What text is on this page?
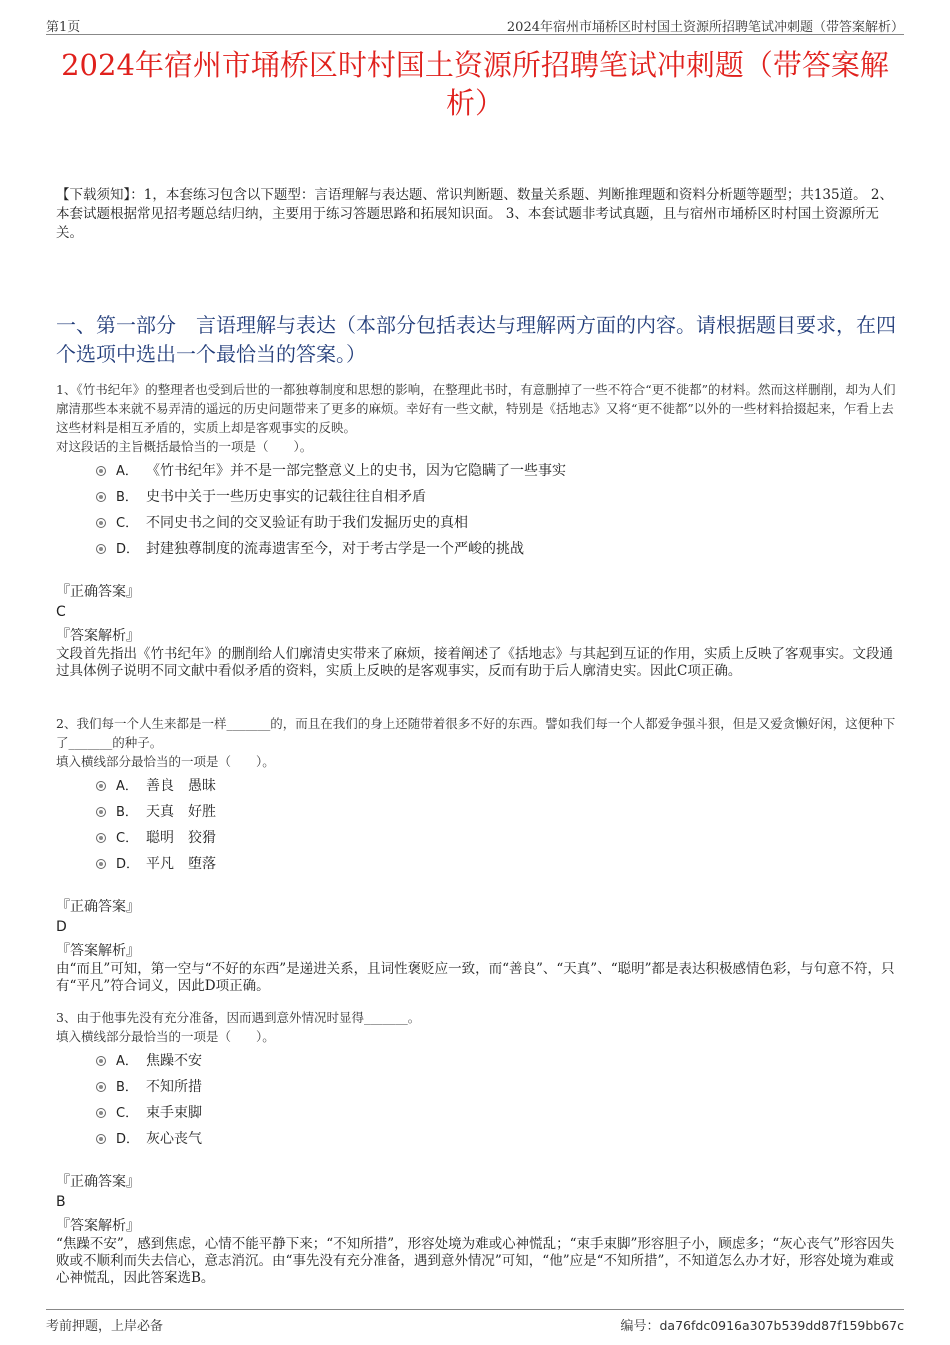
第1页	2024年宿州市埇桥区时村国土资源所招聘笔试冲刺题（带答案解析）
2024年宿州市埇桥区时村国土资源所招聘笔试冲刺题（带答案解析）
【下载须知】：1，本套练习包含以下题型：言语理解与表达题、常识判断题、数量关系题、判断推理题和资料分析题等题型；共135道。 2、本套试题根据常见招考题总结归纳，主要用于练习答题思路和拓展知识面。 3、本套试题非考试真题，且与宿州市埇桥区时村国土资源所无关。
一、第一部分　言语理解与表达（本部分包括表达与理解两方面的内容。请根据题目要求，在四个选项中选出一个最恰当的答案。）
1、《竹书纪年》的整理者也受到后世的一都独尊制度和思想的影响，在整理此书时，有意删掉了一些不符合“更不徙都”的材料。然而这样删削，却为人们廓清那些本来就不易弄清的遥远的历史问题带来了更多的麻烦。幸好有一些文献，特别是《括地志》又将“更不徙都”以外的一些材料拾掇起来，乍看上去这些材料是相互矛盾的，实质上却是客观事实的反映。
对这段话的主旨概括最恰当的一项是（　　）。
A． 《竹书纪年》并不是一部完整意义上的史书，因为它隐瞒了一些事实
B． 史书中关于一些历史事实的记载往往自相矛盾
C． 不同史书之间的交叉验证有助于我们发掘历史的真相
D． 封建独尊制度的流毒遗害至今，对于考古学是一个严峻的挑战
『正确答案』
C
『答案解析』
文段首先指出《竹书纪年》的删削给人们廓清史实带来了麻烦，接着阐述了《括地志》与其起到互证的作用，实质上反映了客观事实。文段通过具体例子说明不同文献中看似矛盾的资料，实质上反映的是客观事实，反而有助于后人廓清史实。因此C项正确。
2、我们每一个人生来都是一样_______的，而且在我们的身上还随带着很多不好的东西。譬如我们每一个人都爱争强斗狠，但是又爱贪懒好闲，这便种下了_______的种子。
填入横线部分最恰当的一项是（　　）。
A． 善良　愚昧
B． 天真　好胜
C． 聪明　狡猾
D． 平凡　堕落
『正确答案』
D
『答案解析』
由“而且”可知，第一空与“不好的东西”是递进关系，且词性褒贬应一致，而“善良”、“天真”、“聪明”都是表达积极感情色彩，与句意不符，只有“平凡”符合词义，因此D项正确。
3、由于他事先没有充分准备，因而遇到意外情况时显得_______。
填入横线部分最恰当的一项是（　　）。
A． 焦躁不安
B． 不知所措
C． 束手束脚
D． 灰心丧气
『正确答案』
B
『答案解析』
“焦躁不安”，感到焦虑，心情不能平静下来；“不知所措”，形容处境为难或心神慌乱；“束手束脚”形容胆子小，顾虑多；“灰心丧气”形容因失败或不顺利而失去信心，意志消沉。由“事先没有充分准备，遇到意外情况”可知，“他”应是“不知所措”，不知道怎么办才好，形容处境为难或心神慌乱，因此答案选B。
考前押题，上岸必备	编号：da76fdc0916a307b539dd87f159bb67c
